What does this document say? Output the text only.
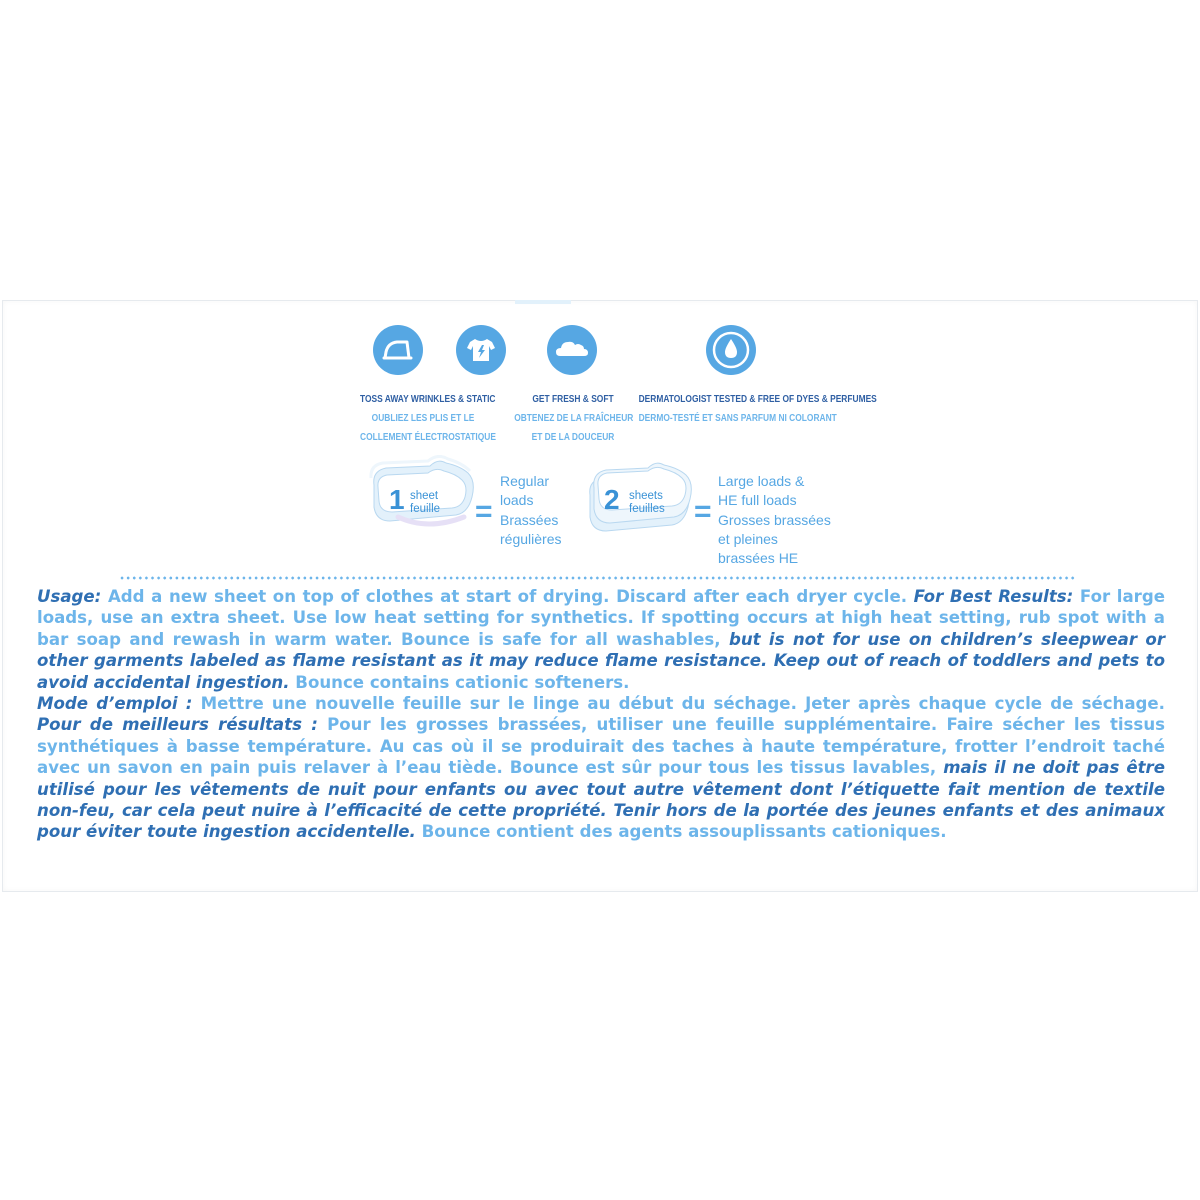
TOSS AWAY WRINKLES & STATIC
OUBLIEZ LES PLIS ET LE
COLLEMENT ÉLECTROSTATIQUE
GET FRESH & SOFT
OBTENEZ DE LA FRAÎCHEUR
ET DE LA DOUCEUR
DERMATOLOGIST TESTED & FREE OF DYES & PERFUMES
DERMO-TESTÉ ET SANS PARFUM NI COLORANT
1 sheet
feuille =
Regular
loads
Brassées
régulières
2 sheets
feuilles =
Large loads &
HE full loads
Grosses brassées
et pleines
brassées HE
Usage: Add a new sheet on top of clothes at start of drying. Discard after each dryer cycle. For Best Results: For large loads, use an extra sheet. Use low heat setting for synthetics. If spotting occurs at high heat setting, rub spot with a bar soap and rewash in warm water. Bounce is safe for all washables, but is not for use on children’s sleepwear or other garments labeled as flame resistant as it may reduce flame resistance. Keep out of reach of toddlers and pets to avoid accidental ingestion. Bounce contains cationic softeners.
Mode d’emploi : Mettre une nouvelle feuille sur le linge au début du séchage. Jeter après chaque cycle de séchage. Pour de meilleurs résultats : Pour les grosses brassées, utiliser une feuille supplémentaire. Faire sécher les tissus synthétiques à basse température. Au cas où il se produirait des taches à haute température, frotter l’endroit taché avec un savon en pain puis relaver à l’eau tiède. Bounce est sûr pour tous les tissus lavables, mais il ne doit pas être utilisé pour les vêtements de nuit pour enfants ou avec tout autre vêtement dont l’étiquette fait mention de textile non-feu, car cela peut nuire à l’efficacité de cette propriété. Tenir hors de la portée des jeunes enfants et des animaux pour éviter toute ingestion accidentelle. Bounce contient des agents assouplissants cationiques.
